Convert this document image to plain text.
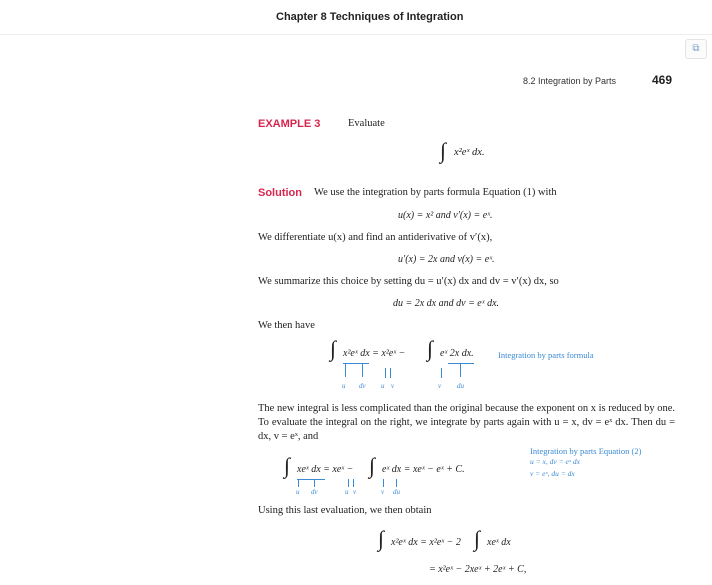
Chapter 8 Techniques of Integration
⧉
8.2 Integration by Parts	469
EXAMPLE 3	Evaluate
∫ x²eˣ dx.
Solution We use the integration by parts formula Equation (1) with
u(x) = x² and v′(x) = eˣ.
We differentiate u(x) and find an antiderivative of v′(x),
u′(x) = 2x and v(x) = eˣ.
We summarize this choice by setting du = u′(x) dx and dv = v′(x) dx, so
du = 2x dx and dv = eˣ dx.
We then have
∫ x²eˣ dx = x²eˣ − ∫ eˣ 2x dx.	Integration by parts formula
u dv u v	v du
The new integral is less complicated than the original because the exponent on x is reduced by one. To evaluate the integral on the right, we integrate by parts again with u = x, dv = eˣ dx. Then du = dx, v = eˣ, and
∫ xeˣ dx = xeˣ − ∫ eˣ dx = xeˣ − eˣ + C.
u dv	u v	v du
Integration by parts Equation (2)
u = x, dv = eˣ dx
v = eˣ, du = dx
Using this last evaluation, we then obtain
∫ x²eˣ dx = x²eˣ − 2 ∫ xeˣ dx
= x²eˣ − 2xeˣ + 2eˣ + C,
